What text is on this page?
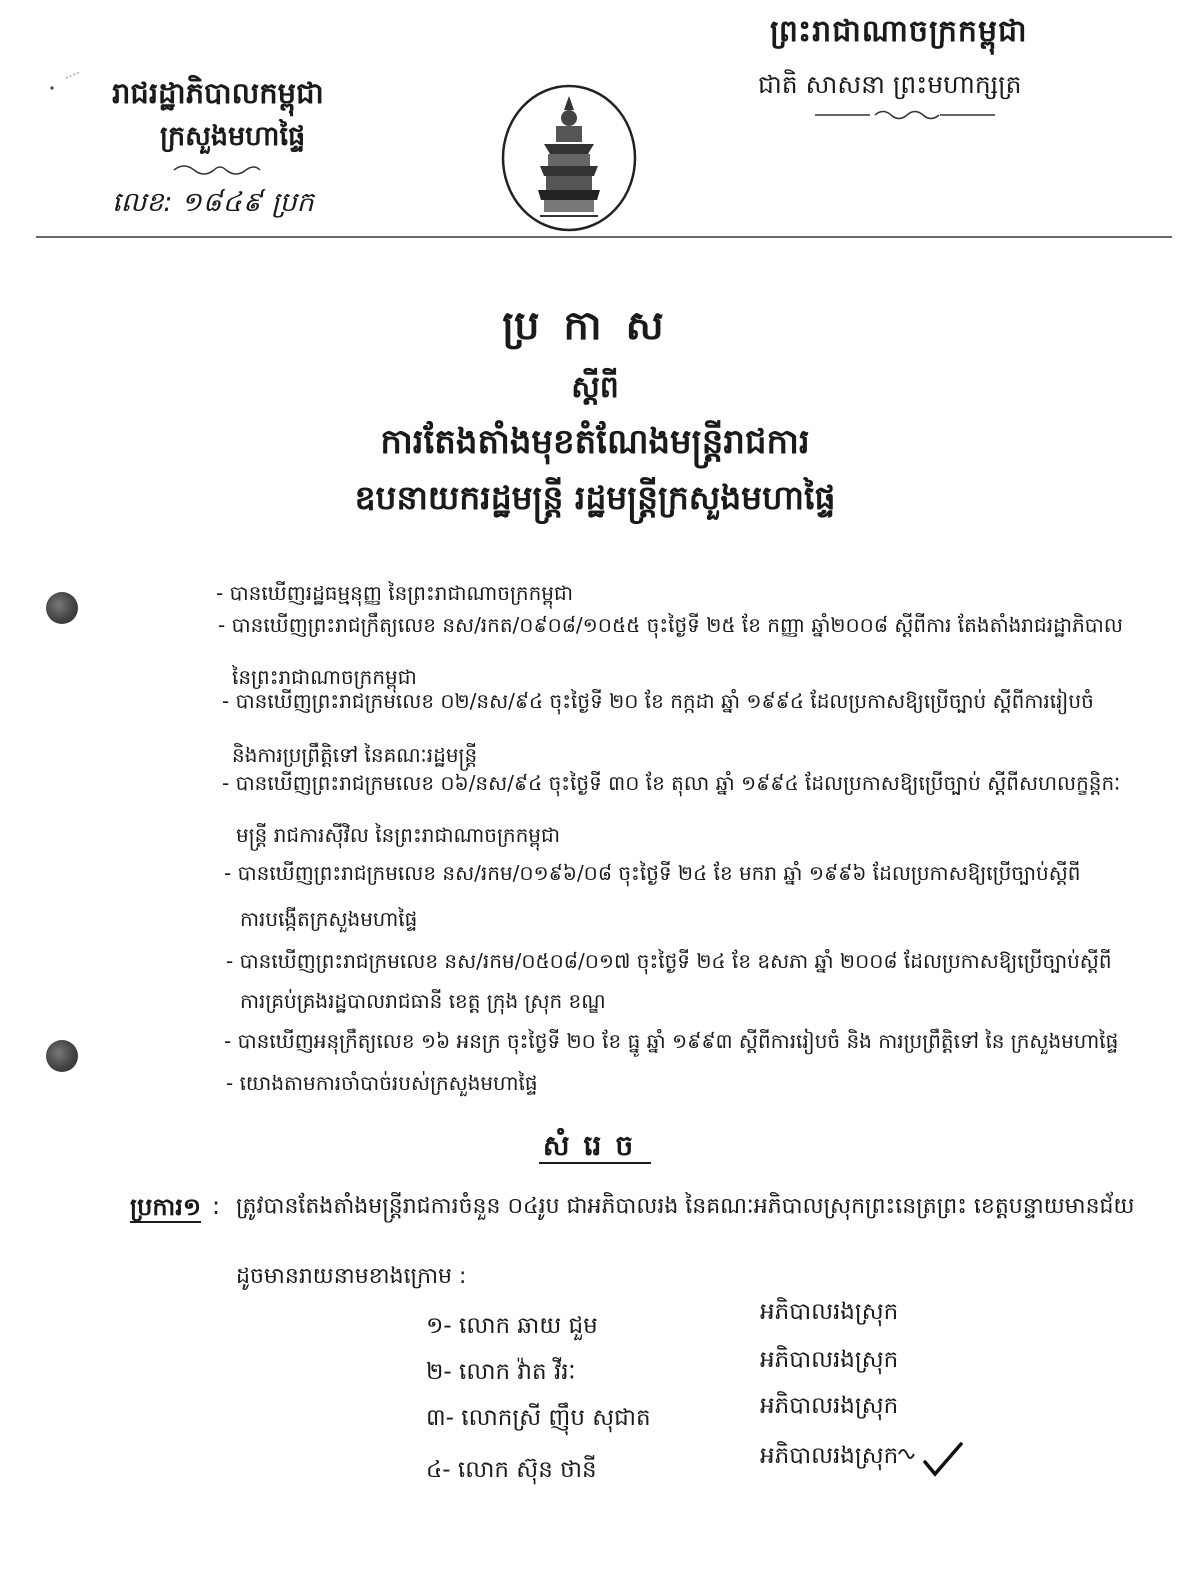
ព្រះរាជាណាចក្រកម្ពុជា
ជាតិ សាសនា ព្រះមហាក្សត្រ
រាជរដ្ឋាភិបាលកម្ពុជា
ក្រសួងមហាផ្ទៃ
លេខ: ១៨៤៩ ប្រក
ប្រកាស
ស្តីពី
ការតែងតាំងមុខតំណែងមន្ត្រីរាជការ
ឧបនាយករដ្ឋមន្ត្រី រដ្ឋមន្ត្រីក្រសួងមហាផ្ទៃ
- បានឃើញរដ្ឋធម្មនុញ្ញ នៃព្រះរាជាណាចក្រកម្ពុជា
- បានឃើញព្រះរាជក្រឹត្យលេខ នស/រកត/០៩០៨/១០៥៥ ចុះថ្ងៃទី ២៥ ខែ កញ្ញា ឆ្នាំ២០០៨ ស្តីពីការ តែងតាំងរាជរដ្ឋាភិបាល
នៃព្រះរាជាណាចក្រកម្ពុជា
- បានឃើញព្រះរាជក្រមលេខ ០២/នស/៩៤ ចុះថ្ងៃទី ២០ ខែ កក្កដា ឆ្នាំ ១៩៩៤ ដែលប្រកាសឱ្យប្រើច្បាប់ ស្តីពីការរៀបចំ
និងការប្រព្រឹត្តិទៅ នៃគណៈរដ្ឋមន្ត្រី
- បានឃើញព្រះរាជក្រមលេខ ០៦/នស/៩៤ ចុះថ្ងៃទី ៣០ ខែ តុលា ឆ្នាំ ១៩៩៤ ដែលប្រកាសឱ្យប្រើច្បាប់ ស្តីពីសហលក្ខន្តិកៈ
មន្ត្រី រាជការស៊ីវិល នៃព្រះរាជាណាចក្រកម្ពុជា
- បានឃើញព្រះរាជក្រមលេខ នស/រកម/០១៩៦/០៨ ចុះថ្ងៃទី ២៤ ខែ មករា ឆ្នាំ ១៩៩៦ ដែលប្រកាសឱ្យប្រើច្បាប់ស្តីពី
ការបង្កើតក្រសួងមហាផ្ទៃ
- បានឃើញព្រះរាជក្រមលេខ នស/រកម/០៥០៨/០១៧ ចុះថ្ងៃទី ២៤ ខែ ឧសភា ឆ្នាំ ២០០៨ ដែលប្រកាសឱ្យប្រើច្បាប់ស្តីពី
ការគ្រប់គ្រងរដ្ឋបាលរាជធានី ខេត្ត ក្រុង ស្រុក ខណ្ឌ
- បានឃើញអនុក្រឹត្យលេខ ១៦ អនក្រ ចុះថ្ងៃទី ២០ ខែ ធ្នូ ឆ្នាំ ១៩៩៣ ស្តីពីការរៀបចំ និង ការប្រព្រឹត្តិទៅ នៃ ក្រសួងមហាផ្ទៃ
- យោងតាមការចាំបាច់របស់ក្រសួងមហាផ្ទៃ
សំរេច
ប្រការ១ : ត្រូវបានតែងតាំងមន្ត្រីរាជការចំនួន ០៤រូប ជាអភិបាលរង នៃគណៈអភិបាលស្រុកព្រះនេត្រព្រះ ខេត្តបន្ទាយមានជ័យ
ដូចមានរាយនាមខាងក្រោម :
១- លោក ឆាយ ជួម
អភិបាលរងស្រុក
២- លោក វ៉ាត វីរៈ	អភិបាលរងស្រុក
៣- លោកស្រី ញ៉ឹប សុជាត	អភិបាលរងស្រុក
៤- លោក ស៊ុន ថានី
អភិបាលរងស្រុក
